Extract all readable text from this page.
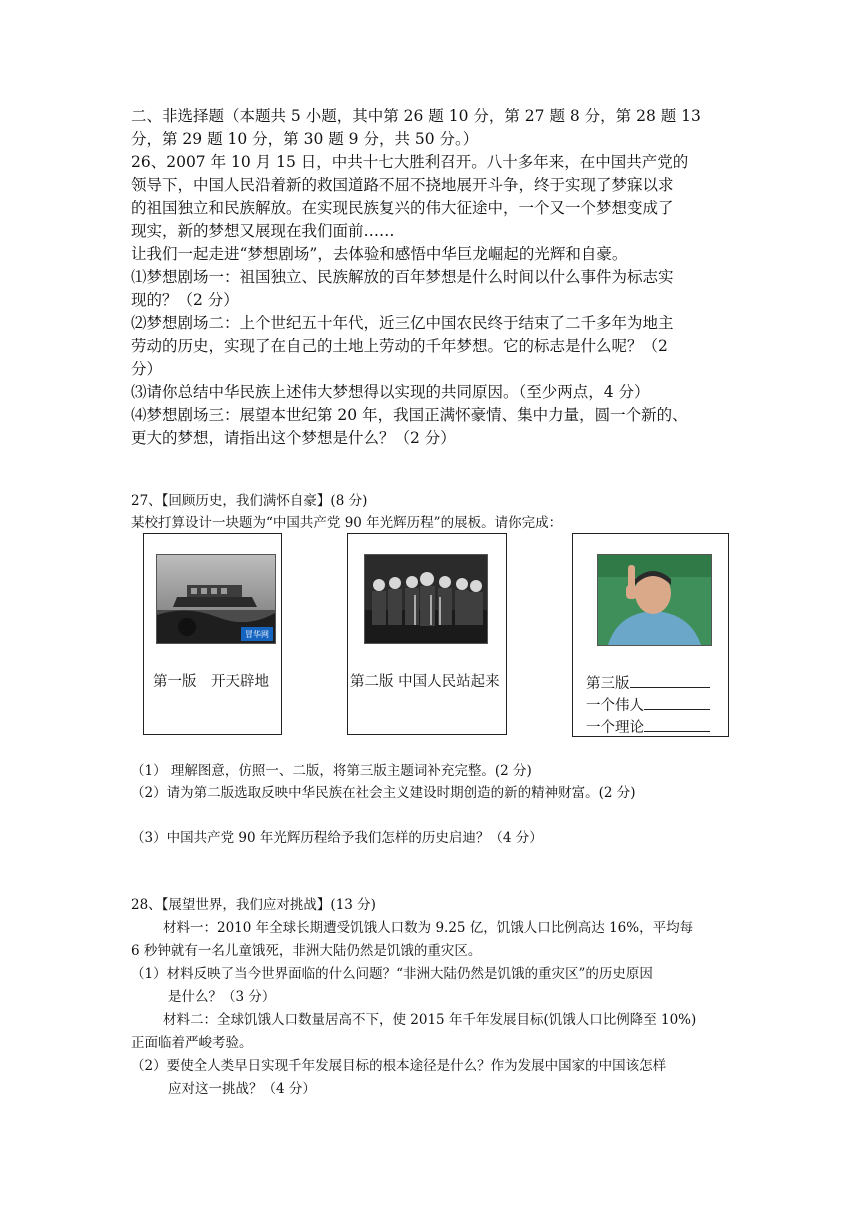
二、非选择题（本题共 5 小题，其中第 26 题 10 分，第 27 题 8 分，第 28 题 13
分，第 29 题 10 分，第 30 题 9 分，共 50 分。）
26、2007 年 10 月 15 日，中共十七大胜利召开。八十多年来，在中国共产党的
领导下，中国人民沿着新的救国道路不屈不挠地展开斗争，终于实现了梦寐以求
的祖国独立和民族解放。在实现民族复兴的伟大征途中，一个又一个梦想变成了
现实，新的梦想又展现在我们面前……
让我们一起走进“梦想剧场”，去体验和感悟中华巨龙崛起的光辉和自豪。
⑴梦想剧场一：祖国独立、民族解放的百年梦想是什么时间以什么事件为标志实
现的？（2 分）
⑵梦想剧场二：上个世纪五十年代，近三亿中国农民终于结束了二千多年为地主
劳动的历史，实现了在自己的土地上劳动的千年梦想。它的标志是什么呢？（2
分）
⑶请你总结中华民族上述伟大梦想得以实现的共同原因。（至少两点，4 分）
⑷梦想剧场三：展望本世纪第 20 年，我国正满怀豪情、集中力量，圆一个新的、
更大的梦想，请指出这个梦想是什么？（2 分）
27、【回顾历史，我们满怀自豪】(8 分)
某校打算设计一块题为“中国共产党 90 年光辉历程”的展板。请你完成：
冒华网
第一版　开天辟地	第二版 中国人民站起来	第三版
一个伟人
一个理论
（1） 理解图意，仿照一、二版，将第三版主题词补充完整。(2 分)
（2）请为第二版选取反映中华民族在社会主义建设时期创造的新的精神财富。(2 分)
（3）中国共产党 90 年光辉历程给予我们怎样的历史启迪？（4 分）
28、【展望世界，我们应对挑战】(13 分)
材料一：2010 年全球长期遭受饥饿人口数为 9.25 亿，饥饿人口比例高达 16%，平均每
6 秒钟就有一名儿童饿死，非洲大陆仍然是饥饿的重灾区。
（1）材料反映了当今世界面临的什么问题？“非洲大陆仍然是饥饿的重灾区”的历史原因
是什么？（3 分）
材料二：全球饥饿人口数量居高不下，使 2015 年千年发展目标(饥饿人口比例降至 10%)
正面临着严峻考验。
（2）要使全人类早日实现千年发展目标的根本途径是什么？作为发展中国家的中国该怎样
应对这一挑战？（4 分）
